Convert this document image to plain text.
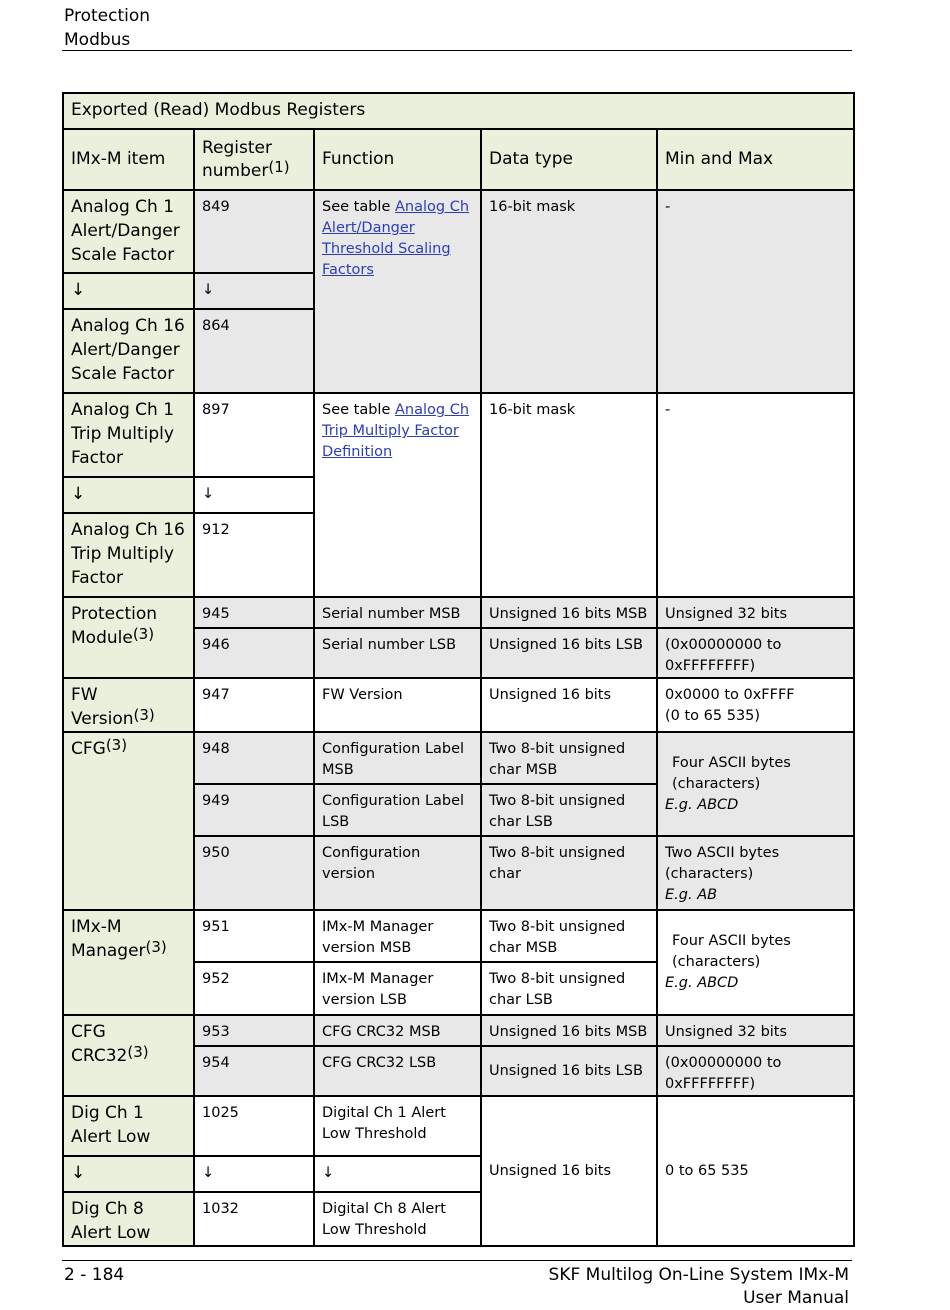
Protection
Modbus
Exported (Read) Modbus Registers				

IMx-M item	Register number$^{(1)}$	Function	Data type	Min and Max

Analog Ch 1 Alert/Danger Scale Factor	849	See table Analog Ch Alert/Danger Threshold Scaling Factors	16-bit mask	-

↓	↓			

Analog Ch 16 Alert/Danger Scale Factor	864			

Analog Ch 1 Trip Multiply Factor	897	See table Analog Ch Trip Multiply Factor Definition	16-bit mask	-

↓	↓			

Analog Ch 16 Trip Multiply Factor	912			

Protection Module$^{(3)}$	945	Serial number MSB	Unsigned 16 bits MSB	Unsigned 32 bits

	946	Serial number LSB	Unsigned 16 bits LSB	(0x00000000 to 0xFFFFFFFF)

FW Version$^{(3)}$	947	FW Version	Unsigned 16 bits	0x0000 to 0xFFFF
(0 to 65 535)

CFG$^{(3)}$	948	Configuration Label MSB	Two 8-bit unsigned char MSB	Four ASCII bytes (characters)
E.g. ABCD

	949	Configuration Label LSB	Two 8-bit unsigned char LSB	

	950	Configuration version	Two 8-bit unsigned char	Two ASCII bytes (characters)
E.g. AB

IMx-M Manager$^{(3)}$	951	IMx-M Manager version MSB	Two 8-bit unsigned char MSB	Four ASCII bytes (characters)
E.g. ABCD

	952	IMx-M Manager version LSB	Two 8-bit unsigned char LSB	

CFG CRC32$^{(3)}$	953	CFG CRC32 MSB	Unsigned 16 bits MSB	Unsigned 32 bits

	954	CFG CRC32 LSB	Unsigned 16 bits LSB	(0x00000000 to 0xFFFFFFFF)

Dig Ch 1 Alert Low	1025	Digital Ch 1 Alert Low Threshold	Unsigned 16 bits	0 to 65 535

↓	↓	↓		

Dig Ch 8 Alert Low	1032	Digital Ch 8 Alert Low Threshold		
2 - 184	SKF Multilog On-Line System IMx-M
User Manual
